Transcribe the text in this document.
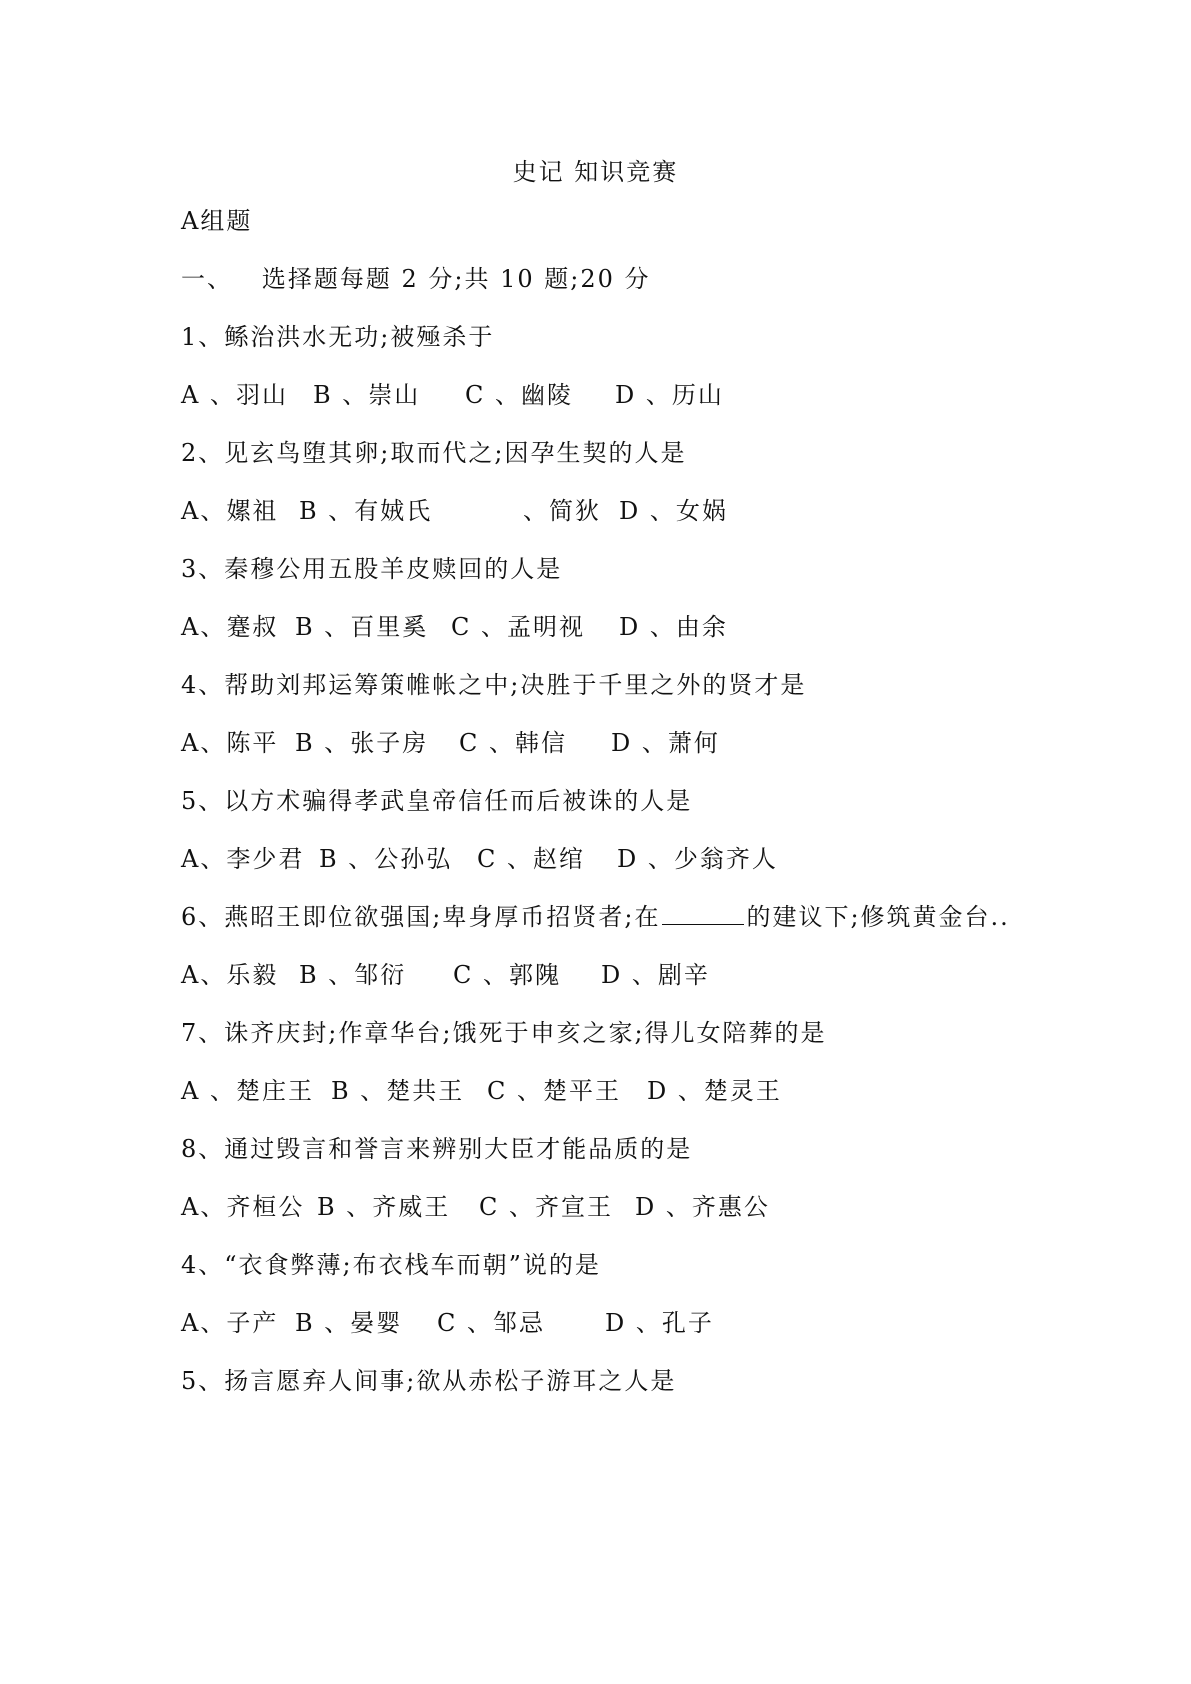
史记 知识竞赛
A组题
一、   选择题每题 2 分;共 10 题;20 分
1、鲧治洪水无功;被殛杀于
A 、羽山 B 、崇山 C 、幽陵 D 、历山
2、见玄鸟堕其卵;取而代之;因孕生契的人是
A、嫘祖 B 、有娀氏	、简狄 D 、女娲
3、秦穆公用五股羊皮赎回的人是
A、蹇叔 B 、百里奚 C 、孟明视 D 、由余
4、帮助刘邦运筹策帷帐之中;决胜于千里之外的贤才是
A、陈平 B 、张子房 C 、韩信 D 、萧何
5、以方术骗得孝武皇帝信任而后被诛的人是
A、李少君 B 、公孙弘 C 、赵绾 D 、少翁齐人
6、燕昭王即位欲强国;卑身厚币招贤者;在	的建议下;修筑黄金台..
A、乐毅 B 、邹衍 C 、郭隗 D 、剧辛
7、诛齐庆封;作章华台;饿死于申亥之家;得儿女陪葬的是
A 、楚庄王 B 、楚共王 C 、楚平王 D 、楚灵王
8、通过毁言和誉言来辨别大臣才能品质的是
A、齐桓公 B 、齐威王 C 、齐宣王 D 、齐惠公
4、“衣食弊薄;布衣栈车而朝”说的是
A、子产 B 、晏婴 C 、邹忌	D 、孔子
5、扬言愿弃人间事;欲从赤松子游耳之人是
